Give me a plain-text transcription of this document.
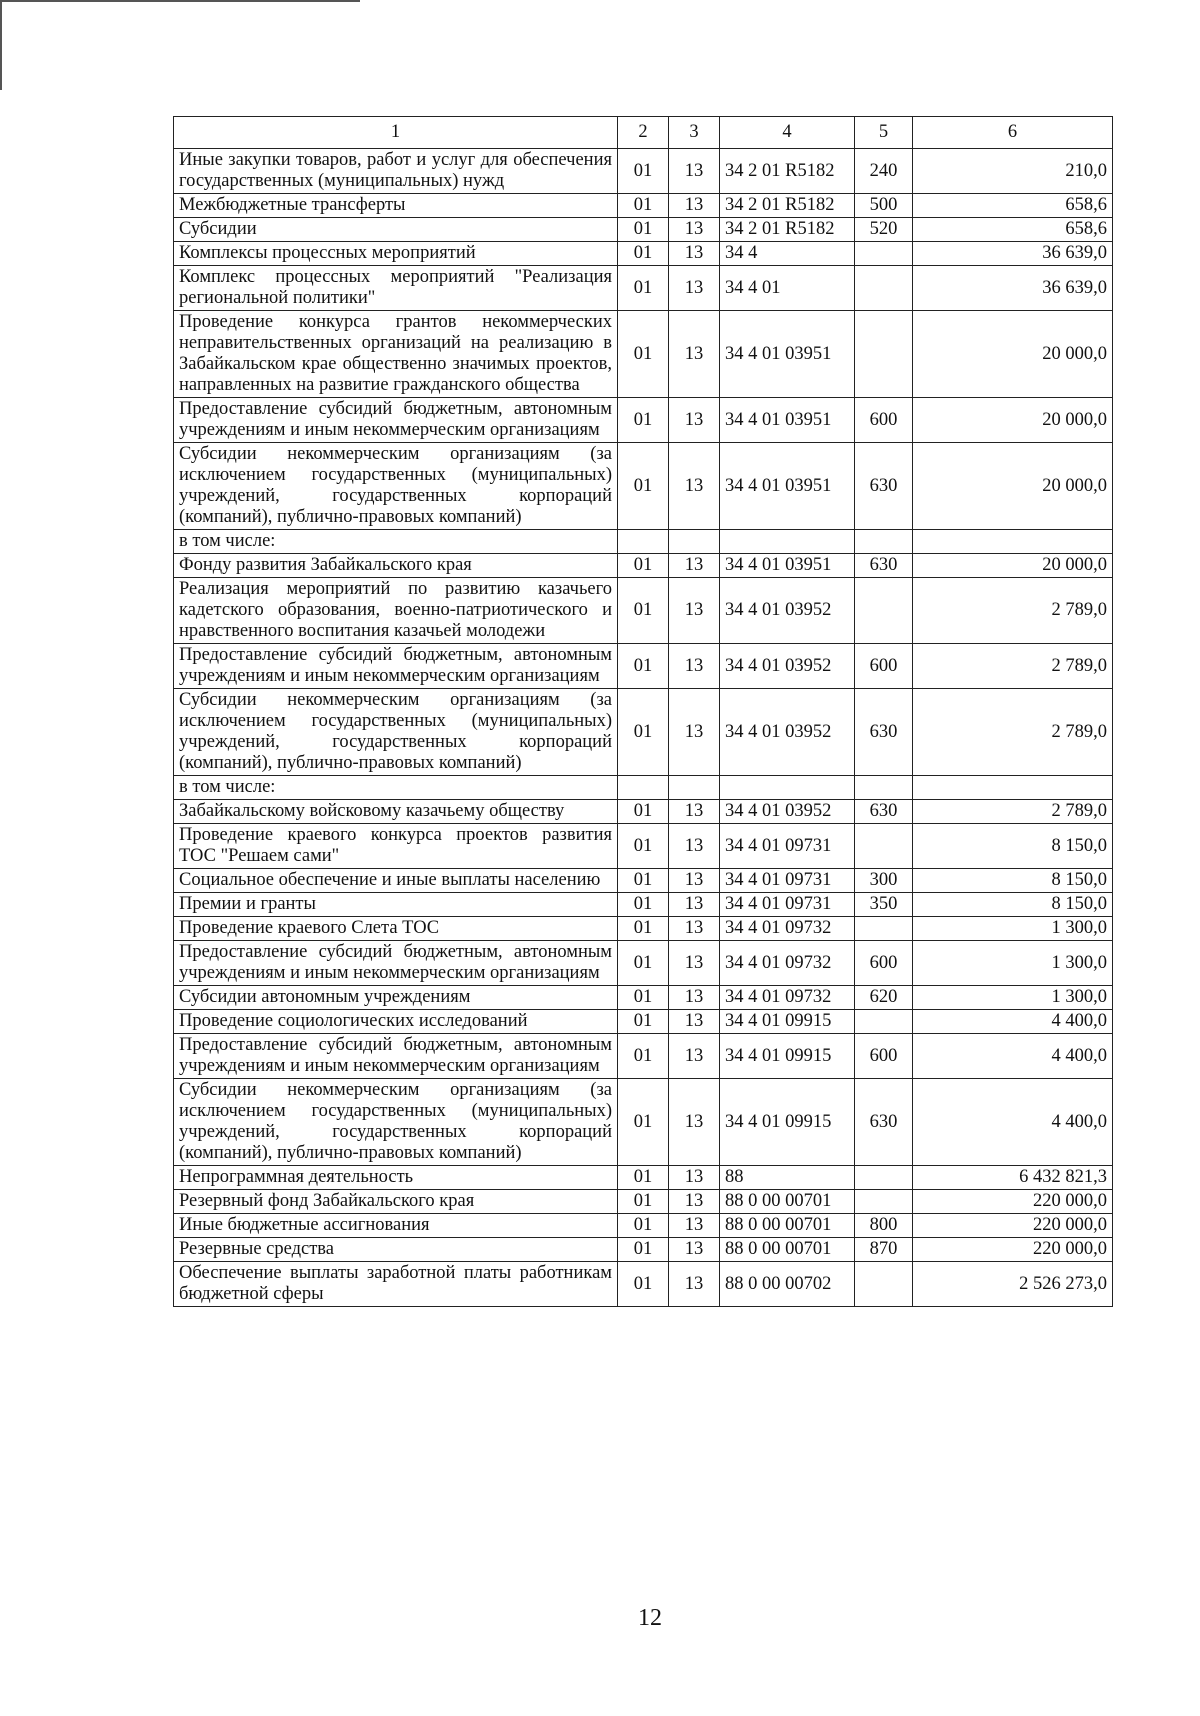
1	2	3	4	5	6
Иные закупки товаров, работ и услуг для обеспечения государственных (муниципальных) нужд	01	13	34 2 01 R5182	240	210,0
Межбюджетные трансферты	01	13	34 2 01 R5182	500	658,6
Субсидии	01	13	34 2 01 R5182	520	658,6
Комплексы процессных мероприятий	01	13	34 4		36 639,0
Комплекс процессных мероприятий "Реализация региональной политики"	01	13	34 4 01		36 639,0
Проведение конкурса грантов некоммерческих неправительственных организаций на реализацию в Забайкальском крае общественно значимых проектов, направленных на развитие гражданского общества	01	13	34 4 01 03951		20 000,0
Предоставление субсидий бюджетным, автономным учреждениям и иным некоммерческим организациям	01	13	34 4 01 03951	600	20 000,0
Субсидии некоммерческим организациям (за исключением государственных (муниципальных) учреждений, государственных корпораций (компаний), публично-правовых компаний)	01	13	34 4 01 03951	630	20 000,0
в том числе:					
Фонду развития Забайкальского края	01	13	34 4 01 03951	630	20 000,0
Реализация мероприятий по развитию казачьего кадетского образования, военно-патриотического и нравственного воспитания казачьей молодежи	01	13	34 4 01 03952		2 789,0
Предоставление субсидий бюджетным, автономным учреждениям и иным некоммерческим организациям	01	13	34 4 01 03952	600	2 789,0
Субсидии некоммерческим организациям (за исключением государственных (муниципальных) учреждений, государственных корпораций (компаний), публично-правовых компаний)	01	13	34 4 01 03952	630	2 789,0
в том числе:					
Забайкальскому войсковому казачьему обществу	01	13	34 4 01 03952	630	2 789,0
Проведение краевого конкурса проектов развития ТОС "Решаем сами"	01	13	34 4 01 09731		8 150,0
Социальное обеспечение и иные выплаты населению	01	13	34 4 01 09731	300	8 150,0
Премии и гранты	01	13	34 4 01 09731	350	8 150,0
Проведение краевого Слета ТОС	01	13	34 4 01 09732		1 300,0
Предоставление субсидий бюджетным, автономным учреждениям и иным некоммерческим организациям	01	13	34 4 01 09732	600	1 300,0
Субсидии автономным учреждениям	01	13	34 4 01 09732	620	1 300,0
Проведение социологических исследований	01	13	34 4 01 09915		4 400,0
Предоставление субсидий бюджетным, автономным учреждениям и иным некоммерческим организациям	01	13	34 4 01 09915	600	4 400,0
Субсидии некоммерческим организациям (за исключением государственных (муниципальных) учреждений, государственных корпораций (компаний), публично-правовых компаний)	01	13	34 4 01 09915	630	4 400,0
Непрограммная деятельность	01	13	88		6 432 821,3
Резервный фонд Забайкальского края	01	13	88 0 00 00701		220 000,0
Иные бюджетные ассигнования	01	13	88 0 00 00701	800	220 000,0
Резервные средства	01	13	88 0 00 00701	870	220 000,0
Обеспечение выплаты заработной платы работникам бюджетной сферы	01	13	88 0 00 00702		2 526 273,0
12
